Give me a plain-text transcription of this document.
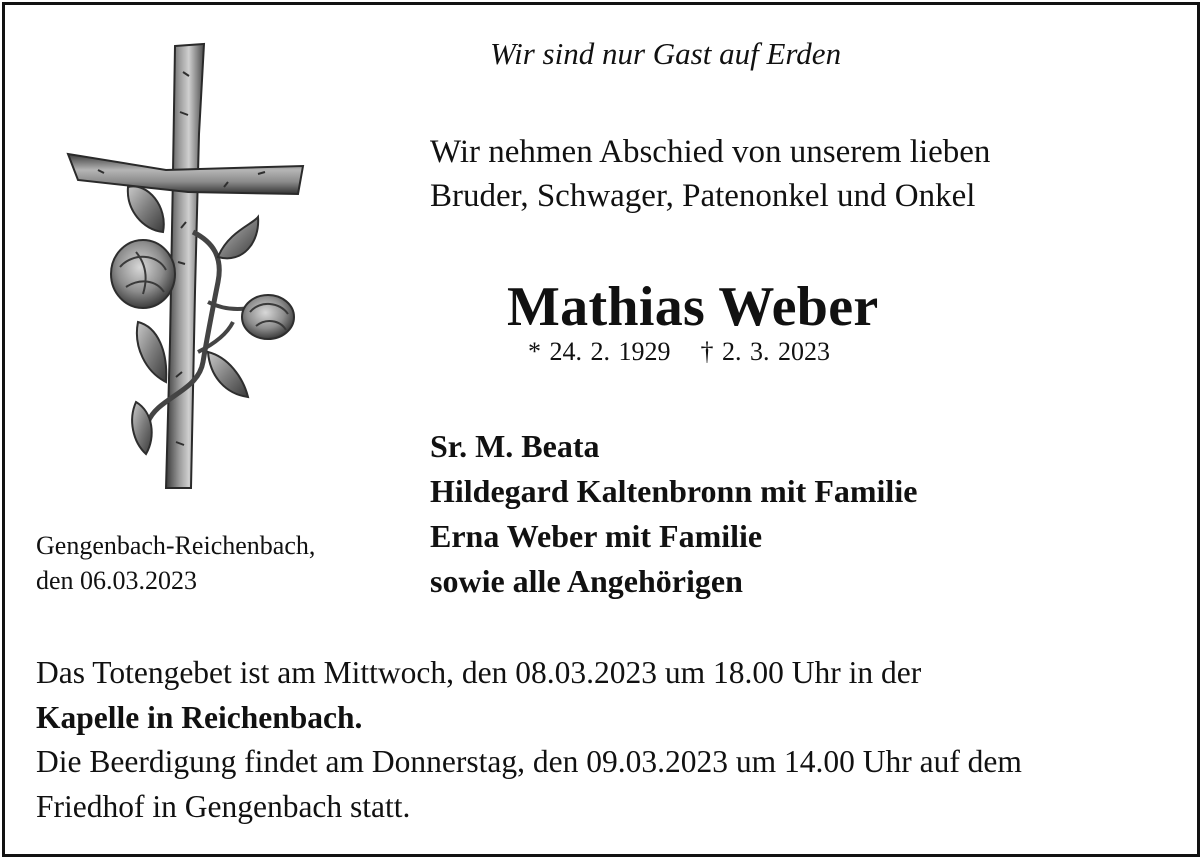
Wir sind nur Gast auf Erden
Wir nehmen Abschied von unserem lieben
Bruder, Schwager, Patenonkel und Onkel
Mathias Weber
* 24. 2. 1929 † 2. 3. 2023
Sr. M. Beata
Hildegard Kaltenbronn mit Familie
Erna Weber mit Familie
sowie alle Angehörigen
Gengenbach-Reichenbach,
den 06.03.2023
Das Totengebet ist am Mittwoch, den 08.03.2023 um 18.00 Uhr in der
Kapelle in Reichenbach.
Die Beerdigung findet am Donnerstag, den 09.03.2023 um 14.00 Uhr auf dem
Friedhof in Gengenbach statt.
